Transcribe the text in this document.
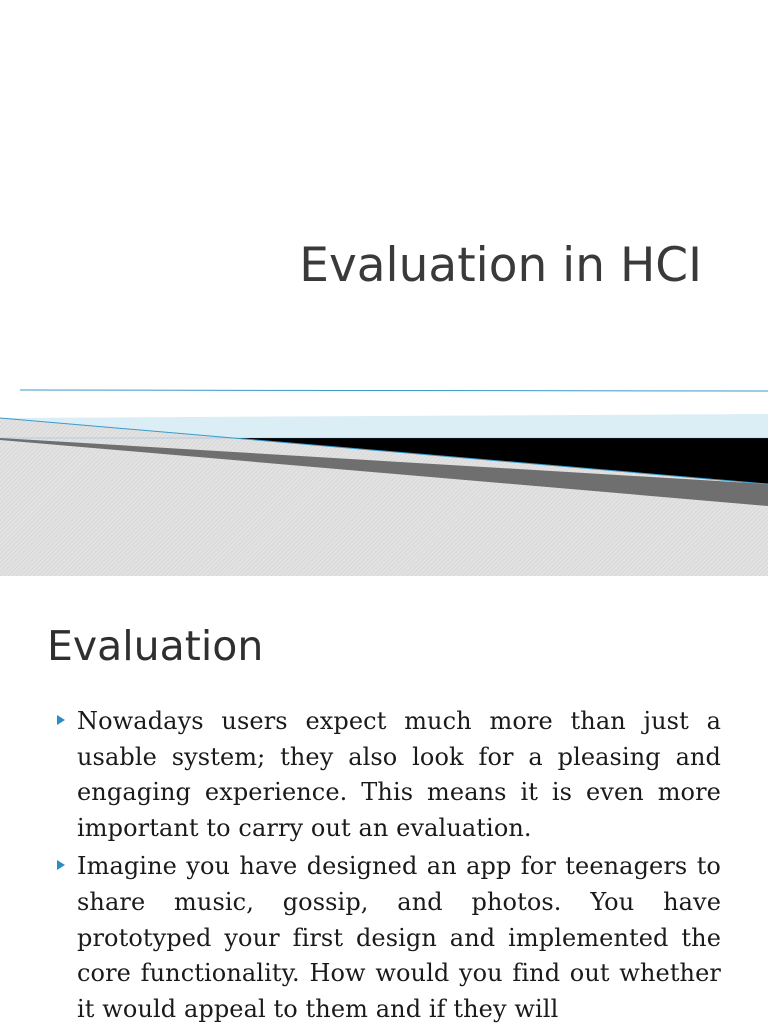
Evaluation in HCI
Evaluation
Nowadays users expect much more than just a usable system; they also look for a pleasing and engaging experience. This means it is even more important to carry out an evaluation.
Imagine you have designed an app for teenagers to share music, gossip, and photos. You have prototyped your first design and implemented the core functionality. How would you find out whether it would appeal to them and if they will
